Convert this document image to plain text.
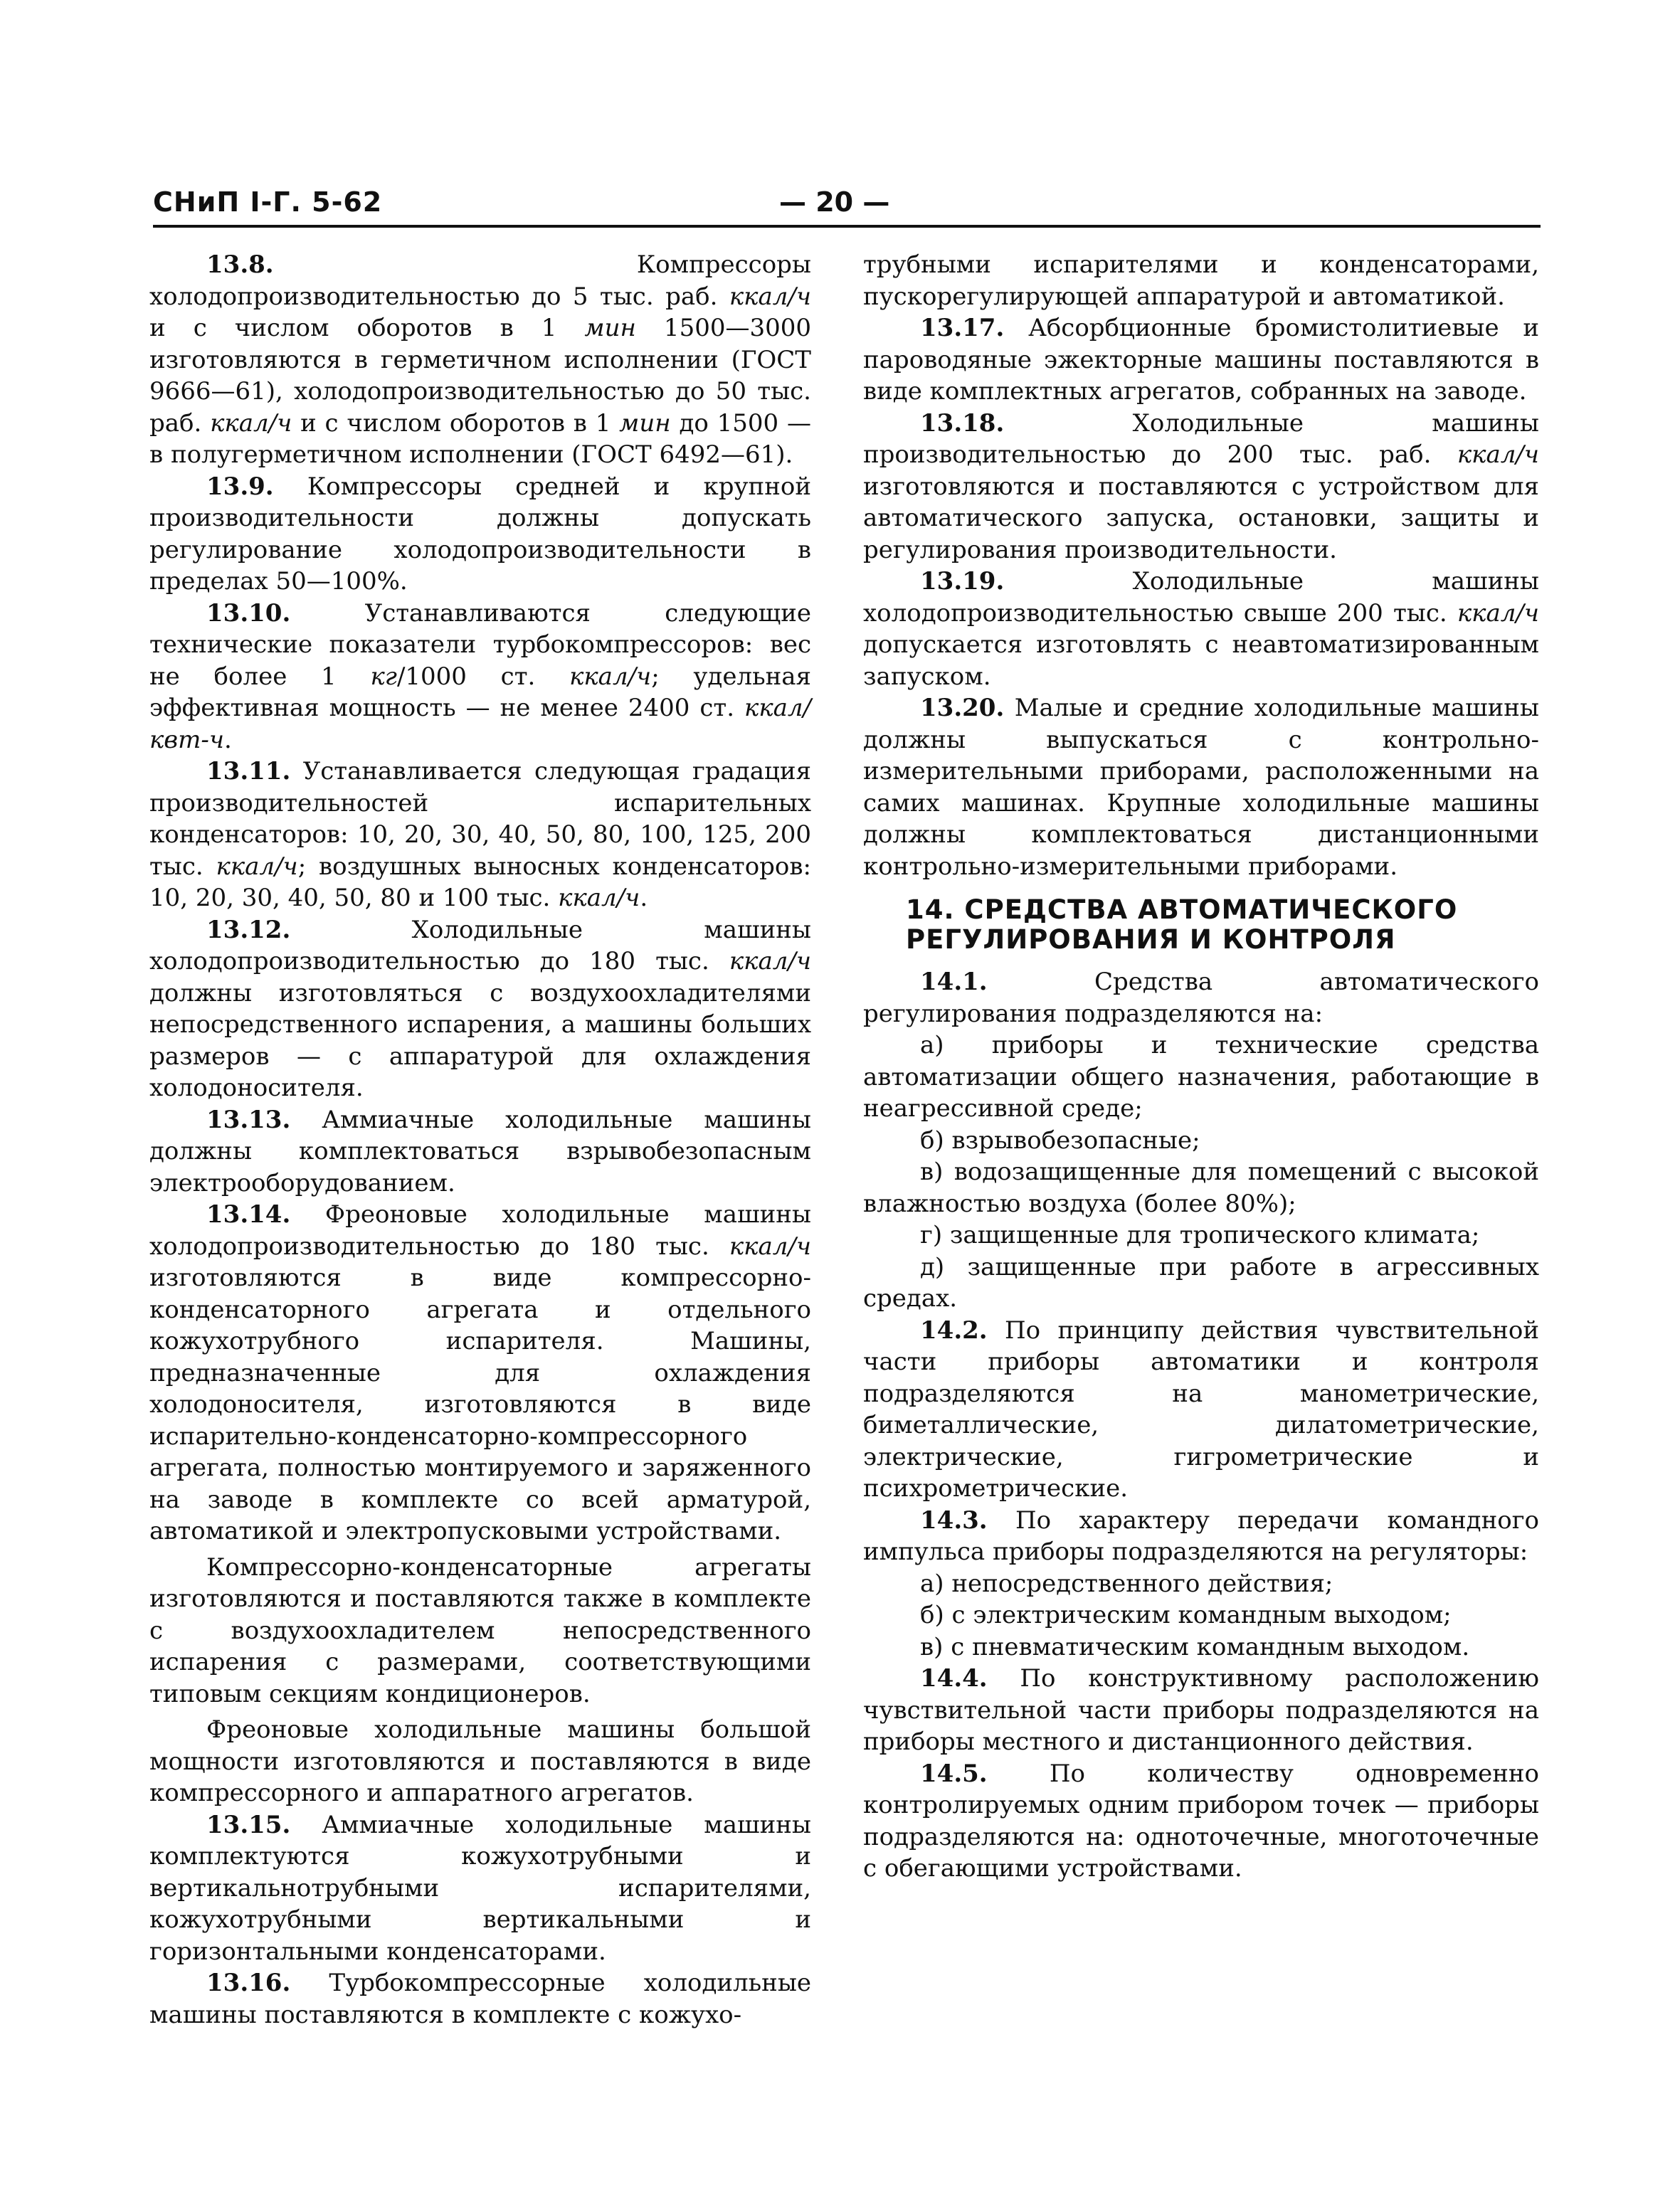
СНиП I-Г. 5-62	— 20 —

13.8. Компрессоры холодопроизводительностью до 5 тыс. раб. ккал/ч и с числом оборотов в 1 мин 1500—3000 изготовляются в герметичном исполнении (ГОСТ 9666—61), холодопроизводительностью до 50 тыс. раб. ккал/ч и с числом оборотов в 1 мин до 1500 — в полугерметичном исполнении (ГОСТ 6492—61).

13.9. Компрессоры средней и крупной производительности должны допускать регулирование холодопроизводительности в пределах 50—100%.

13.10. Устанавливаются следующие технические показатели турбокомпрессоров: вес не более 1 кг/1000 ст. ккал/ч; удельная эффективная мощность — не менее 2400 ст. ккал/квт-ч.

13.11. Устанавливается следующая градация производительностей испарительных конденсаторов: 10, 20, 30, 40, 50, 80, 100, 125, 200 тыс. ккал/ч; воздушных выносных конденсаторов: 10, 20, 30, 40, 50, 80 и 100 тыс. ккал/ч.

13.12. Холодильные машины холодопроизводительностью до 180 тыс. ккал/ч должны изготовляться с воздухоохладителями непосредственного испарения, а машины больших размеров — с аппаратурой для охлаждения холодоносителя.

13.13. Аммиачные холодильные машины должны комплектоваться взрывобезопасным электрооборудованием.

13.14. Фреоновые холодильные машины холодопроизводительностью до 180 тыс. ккал/ч изготовляются в виде компрессорно-конденсаторного агрегата и отдельного кожухотрубного испарителя. Машины, предназначенные для охлаждения холодоносителя, изготовляются в виде испарительно-конденсаторно-компрессорного агрегата, полностью монтируемого и заряженного на заводе в комплекте со всей арматурой, автоматикой и электропусковыми устройствами.

Компрессорно-конденсаторные агрегаты изготовляются и поставляются также в комплекте с воздухоохладителем непосредственного испарения с размерами, соответствующими типовым секциям кондиционеров.

Фреоновые холодильные машины большой мощности изготовляются и поставляются в виде компрессорного и аппаратного агрегатов.

13.15. Аммиачные холодильные машины комплектуются кожухотрубными и вертикальнотрубными испарителями, кожухотрубными вертикальными и горизонтальными конденсаторами.

13.16. Турбокомпрессорные холодильные машины поставляются в комплекте с кожухо-

трубными испарителями и конденсаторами, пускорегулирующей аппаратурой и автоматикой.

13.17. Абсорбционные бромистолитиевые и пароводяные эжекторные машины поставляются в виде комплектных агрегатов, собранных на заводе.

13.18. Холодильные машины производительностью до 200 тыс. раб. ккал/ч изготовляются и поставляются с устройством для автоматического запуска, остановки, защиты и регулирования производительности.

13.19. Холодильные машины холодопроизводительностью свыше 200 тыс. ккал/ч допускается изготовлять с неавтоматизированным запуском.

13.20. Малые и средние холодильные машины должны выпускаться с контрольно-измерительными приборами, расположенными на самих машинах. Крупные холодильные машины должны комплектоваться дистанционными контрольно-измерительными приборами.

14. СРЕДСТВА АВТОМАТИЧЕСКОГО
РЕГУЛИРОВАНИЯ И КОНТРОЛЯ

14.1. Средства автоматического регулирования подразделяются на:

а) приборы и технические средства автоматизации общего назначения, работающие в неагрессивной среде;

б) взрывобезопасные;

в) водозащищенные для помещений с высокой влажностью воздуха (более 80%);

г) защищенные для тропического климата;

д) защищенные при работе в агрессивных средах.

14.2. По принципу действия чувствительной части приборы автоматики и контроля подразделяются на манометрические, биметаллические, дилатометрические, электрические, гигрометрические и психрометрические.

14.3. По характеру передачи командного импульса приборы подразделяются на регуляторы:

а) непосредственного действия;

б) с электрическим командным выходом;

в) с пневматическим командным выходом.

14.4. По конструктивному расположению чувствительной части приборы подразделяются на приборы местного и дистанционного действия.

14.5. По количеству одновременно контролируемых одним прибором точек — приборы подразделяются на: одноточечные, многоточечные с обегающими устройствами.
